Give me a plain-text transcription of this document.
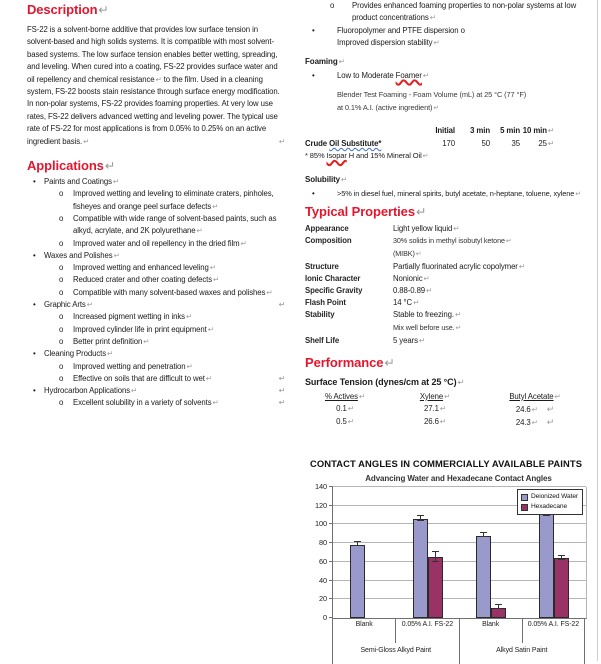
Description↵

FS-22 is a solvent-borne additive that provides low surface tension in solvent-based and high solids systems. It is compatible with most solvent-based systems. The low surface tension enables better wetting, spreading, and leveling. When cured into a coating, FS-22 provides surface water and oil repellency and chemical resistance↵ to the film. Used in a cleaning system, FS-22 boosts stain resistance through surface energy modification. In non-polar systems, FS-22 provides foaming properties. At very low use rates, FS-22 delivers advanced wetting and leveling power. The typical use rate of FS-22 for most applications is from 0.05% to 0.25% on an active ingredient basis.↵	↵

Applications↵
•	Paints and Coatings↵
o	Improved wetting and leveling to eliminate craters, pinholes, fisheyes and orange peel surface defects↵
o	Compatible with wide range of solvent-based paints, such as alkyd, acrylate, and 2K polyurethane↵
o	Improved water and oil repellency in the dried film↵
•	Waxes and Polishes↵
o	Improved wetting and enhanced leveling↵
o	Reduced crater and other coating defects↵
o	Compatible with many solvent-based waxes and polishes↵
•	Graphic Arts↵	↵
o	Increased pigment wetting in inks↵
o	Improved cylinder life in print equipment↵
o	Better print definition↵
•	Cleaning Products↵
o	Improved wetting and penetration↵
o	Effective on soils that are difficult to wet↵	↵
•	Hydrocarbon Applications↵	↵
o	Excellent solubility in a variety of solvents↵	↵
o	Provides enhanced foaming properties to non-polar systems at low product concentrations↵
•	Fluoropolymer and PTFE dispersion o
Improved dispersion stability↵
Foaming↵
•	Low to Moderate Foamer↵
Blender Test Foaming - Foam Volume (mL) at 25 °C (77 °F)
at 0.1% A.I. (active ingredient)↵
Initial	3 min	5 min 10 min↵
Crude Oil Substitute*	170	50	35	25↵
* 85% Isopar H and 15% Mineral Oil↵
Solubility↵
•	>5% in diesel fuel, mineral spirits, butyl acetate, n-heptane, toluene, xylene↵
Typical Properties↵
Appearance	Light yellow liquid↵
Composition	30% solids in methyl isobutyl ketone↵
(MIBK)↵
Structure	Partially fluorinated acrylic copolymer↵
Ionic Character	Nonionic↵
Specific Gravity	0.88-0.89↵
Flash Point	14 °C↵
Stability	Stable to freezing.↵
Mix well before use.↵
Shelf Life	5 years↵
Performance↵
Surface Tension (dynes/cm at 25 °C)↵
% Actives↵	Xylene↵	Butyl Acetate↵
0.1↵	27.1↵	24.6↵ ↵
0.5↵	26.6↵	24.3↵ ↵
CONTACT ANGLES IN COMMERCIALLY AVAILABLE PAINTS
Advancing Water and Hexadecane Contact Angles
0
20
40
60
80
100
120
140
Deionized Water
Hexadecane
Blank	0.05% A.I. FS-22	Blank	0.05% A.I. FS-22
Semi-Gloss Alkyd Paint	Alkyd Satin Paint
